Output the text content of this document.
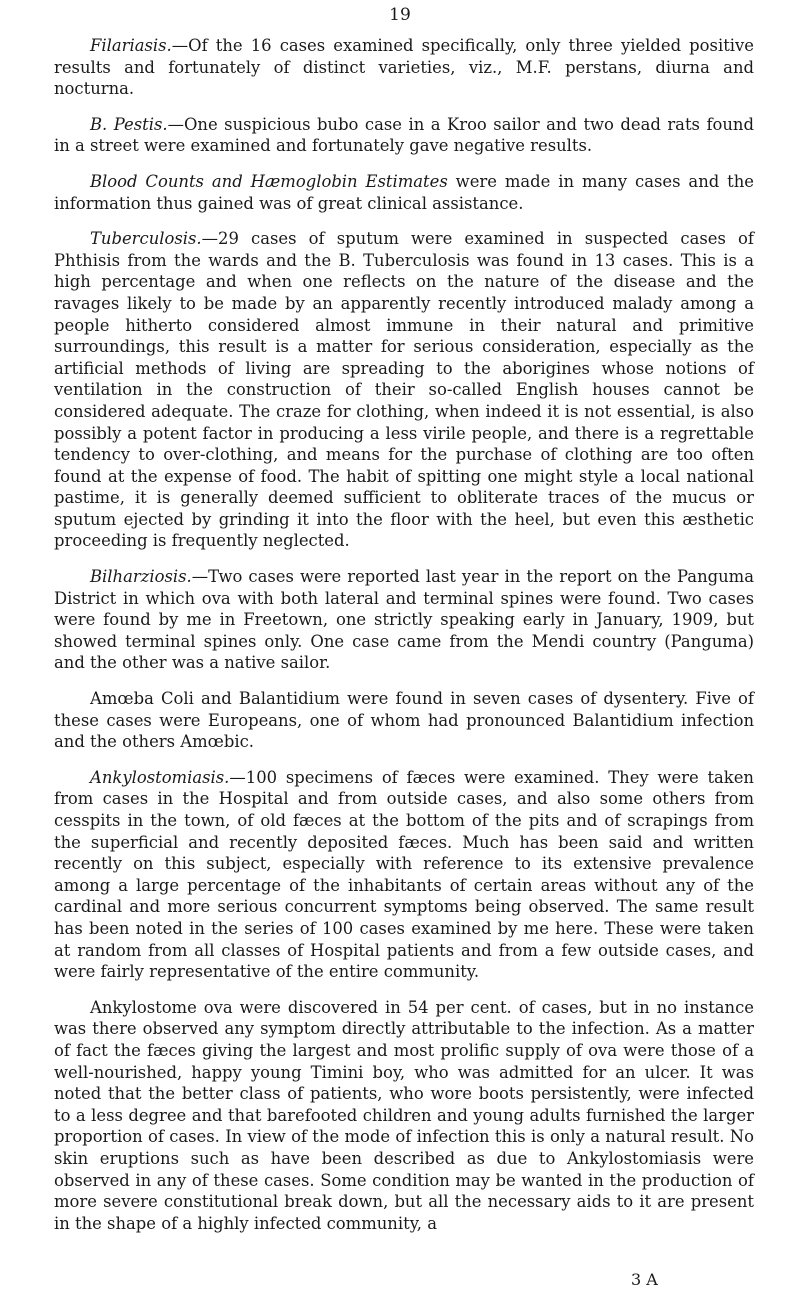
19

Filariasis.—Of the 16 cases examined specifically, only three yielded positive results and fortunately of distinct varieties, viz., M.F. perstans, diurna and nocturna.

B. Pestis.—One suspicious bubo case in a Kroo sailor and two dead rats found in a street were examined and fortunately gave negative results.

Blood Counts and Hæmoglobin Estimates were made in many cases and the information thus gained was of great clinical assistance.

Tuberculosis.—29 cases of sputum were examined in suspected cases of Phthisis from the wards and the B. Tuberculosis was found in 13 cases. This is a high percentage and when one reflects on the nature of the disease and the ravages likely to be made by an apparently recently introduced malady among a people hitherto considered almost immune in their natural and primitive surroundings, this result is a matter for serious consideration, especially as the artificial methods of living are spreading to the aborigines whose notions of ventilation in the construction of their so-called English houses cannot be considered adequate. The craze for clothing, when indeed it is not essential, is also possibly a potent factor in producing a less virile people, and there is a regrettable tendency to over-clothing, and means for the purchase of clothing are too often found at the expense of food. The habit of spitting one might style a local national pastime, it is generally deemed sufficient to obliterate traces of the mucus or sputum ejected by grinding it into the floor with the heel, but even this æsthetic proceeding is frequently neglected.

Bilharziosis.—Two cases were reported last year in the report on the Panguma District in which ova with both lateral and terminal spines were found. Two cases were found by me in Freetown, one strictly speaking early in January, 1909, but showed terminal spines only. One case came from the Mendi country (Panguma) and the other was a native sailor.

Amœba Coli and Balantidium were found in seven cases of dysentery. Five of these cases were Europeans, one of whom had pronounced Balantidium infection and the others Amœbic.

Ankylostomiasis.—100 specimens of fæces were examined. They were taken from cases in the Hospital and from outside cases, and also some others from cesspits in the town, of old fæces at the bottom of the pits and of scrapings from the superficial and recently deposited fæces. Much has been said and written recently on this subject, especially with reference to its extensive prevalence among a large percentage of the inhabitants of certain areas without any of the cardinal and more serious concurrent symptoms being observed. The same result has been noted in the series of 100 cases examined by me here. These were taken at random from all classes of Hospital patients and from a few outside cases, and were fairly representative of the entire community.

Ankylostome ova were discovered in 54 per cent. of cases, but in no instance was there observed any symptom directly attributable to the infection. As a matter of fact the fæces giving the largest and most prolific supply of ova were those of a well-nourished, happy young Timini boy, who was admitted for an ulcer. It was noted that the better class of patients, who wore boots persistently, were infected to a less degree and that barefooted children and young adults furnished the larger proportion of cases. In view of the mode of infection this is only a natural result. No skin eruptions such as have been described as due to Ankylostomiasis were observed in any of these cases. Some condition may be wanted in the production of more severe constitutional break down, but all the necessary aids to it are present in the shape of a highly infected community, a

3 A
